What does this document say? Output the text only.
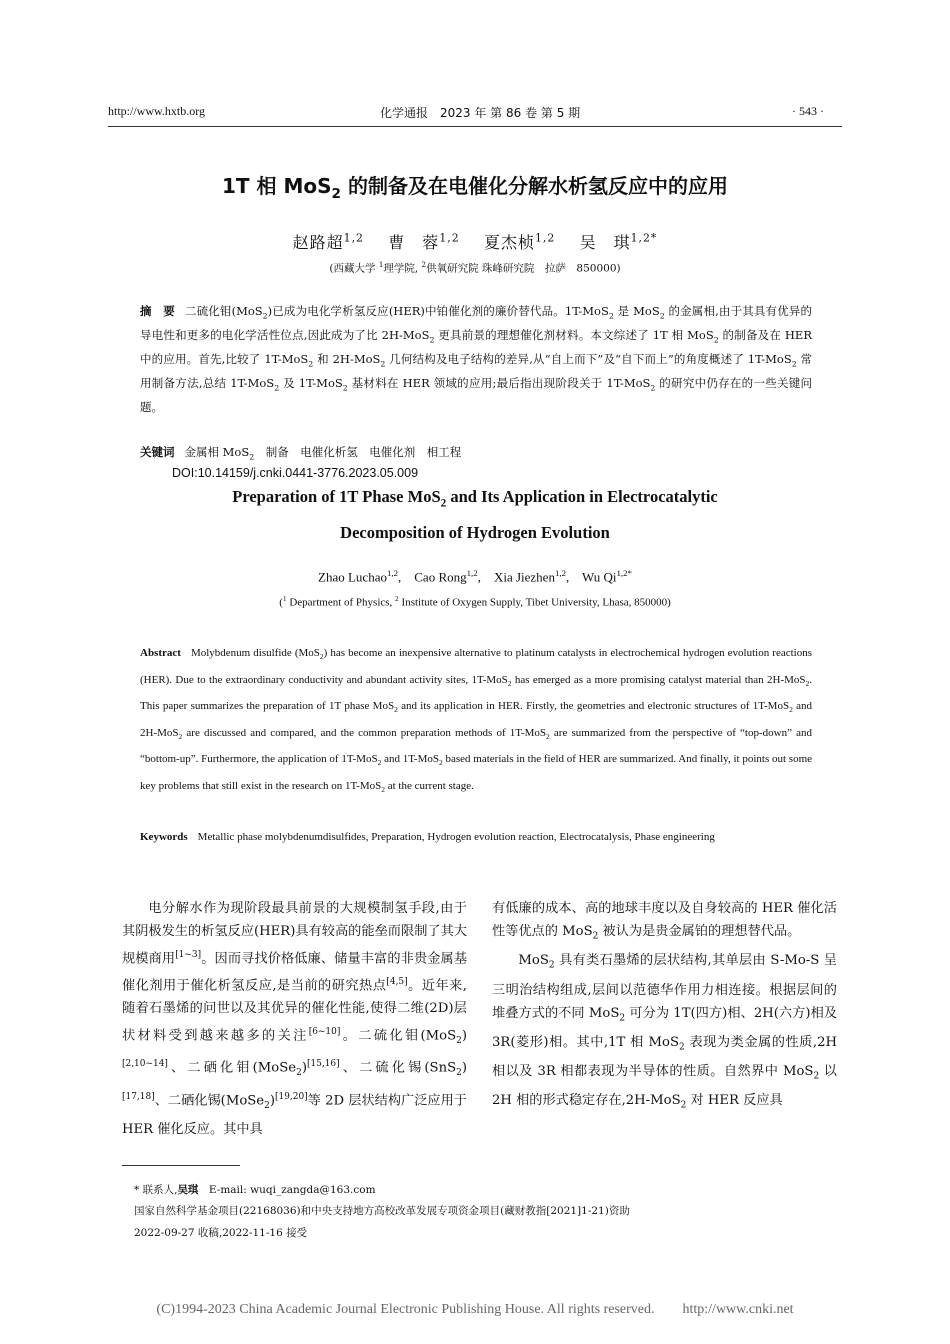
http://www.hxtb.org	化学通报　2023 年 第 86 卷 第 5 期	· 543 ·
1T 相 MoS$_2$ 的制备及在电催化分解水析氢反应中的应用
赵路超$^{1,2}$ 曹　蓉$^{1,2}$ 夏杰桢$^{1,2}$ 吴　琪$^{1,2*}$
(西藏大学 $^1$理学院, $^2$供氧研究院 珠峰研究院　拉萨　850000)
摘　要 二硫化钼(MoS$_2$)已成为电化学析氢反应(HER)中铂催化剂的廉价替代品。1T-MoS$_2$ 是 MoS$_2$ 的金属相,由于其具有优异的导电性和更多的电化学活性位点,因此成为了比 2H-MoS$_2$ 更具前景的理想催化剂材料。本文综述了 1T 相 MoS$_2$ 的制备及在 HER 中的应用。首先,比较了 1T-MoS$_2$ 和 2H-MoS$_2$ 几何结构及电子结构的差异,从“自上而下”及“自下而上”的角度概述了 1T-MoS$_2$ 常用制备方法,总结 1T-MoS$_2$ 及 1T-MoS$_2$ 基材料在 HER 领域的应用;最后指出现阶段关于 1T-MoS$_2$ 的研究中仍存在的一些关键问题。
关键词 金属相 MoS$_2$　制备　电催化析氢　电催化剂　相工程
DOI:10.14159/j.cnki.0441-3776.2023.05.009
Preparation of 1T Phase MoS$_2$ and Its Application in Electrocatalytic
Decomposition of Hydrogen Evolution
Zhao Luchao$^{1,2}$,    Cao Rong$^{1,2}$,    Xia Jiezhen$^{1,2}$,    Wu $Qi^{1,2*}$
($^1$ Department of Physics, $^2$ Institute of Oxygen Supply, Tibet University, Lhasa, 850000)
Abstract Molybdenum disulfide (MoS$_2$) has become an inexpensive alternative to platinum catalysts in electrochemical hydrogen evolution reactions (HER). Due to the extraordinary conductivity and abundant activity sites, 1T-MoS$_2$ has emerged as a more promising catalyst material than 2H-MoS$_2$. This paper summarizes the preparation of 1T phase MoS$_2$ and its application in HER. Firstly, the geometries and electronic structures of 1T-MoS$_2$ and 2H-MoS$_2$ are discussed and compared, and the common preparation methods of 1T-MoS$_2$ are summarized from the perspective of “top-down” and “bottom-up”. Furthermore, the application of 1T-MoS$_2$ and 1T-MoS$_2$ based materials in the field of HER are summarized. And finally, it points out some key problems that still exist in the research on 1T-MoS$_2$ at the current stage.
Keywords Metallic phase molybdenumdisulfides, Preparation, Hydrogen evolution reaction, Electrocatalysis, Phase engineering

电分解水作为现阶段最具前景的大规模制氢手段,由于其阴极发生的析氢反应(HER)具有较高的能垒而限制了其大规模商用[1~3]。因而寻找价格低廉、储量丰富的非贵金属基催化剂用于催化析氢反应,是当前的研究热点[4,5]。近年来,随着石墨烯的问世以及其优异的催化性能,使得二维(2D)层状材料受到越来越多的关注[6~10]。二硫化钼(MoS$_2$)[2,10~14]、二硒化钼(MoSe$_2$)[15,16]、二硫化锡(SnS$_2$)[17,18]、二硒化锡(MoSe$_2$)[19,20]等 2D 层状结构广泛应用于 HER 催化反应。其中具

有低廉的成本、高的地球丰度以及自身较高的 HER 催化活性等优点的 MoS$_2$ 被认为是贵金属铂的理想替代品。

MoS$_2$ 具有类石墨烯的层状结构,其单层由 S-Mo-S 呈三明治结构组成,层间以范德华作用力相连接。根据层间的堆叠方式的不同 MoS$_2$ 可分为 1T(四方)相、2H(六方)相及 3R(菱形)相。其中,1T 相 MoS$_2$ 表现为类金属的性质,2H 相以及 3R 相都表现为半导体的性质。自然界中 MoS$_2$ 以 2H 相的形式稳定存在,2H-MoS$_2$ 对 HER 反应具

* 联系人,吴琪　E-mail: wuqi_zangda@163.com
国家自然科学基金项目(22168036)和中央支持地方高校改革发展专项资金项目(藏财教指[2021]1-21)资助
2022-09-27 收稿,2022-11-16 接受
(C)1994-2023 China Academic Journal Electronic Publishing House. All rights reserved.　　http://www.cnki.net
